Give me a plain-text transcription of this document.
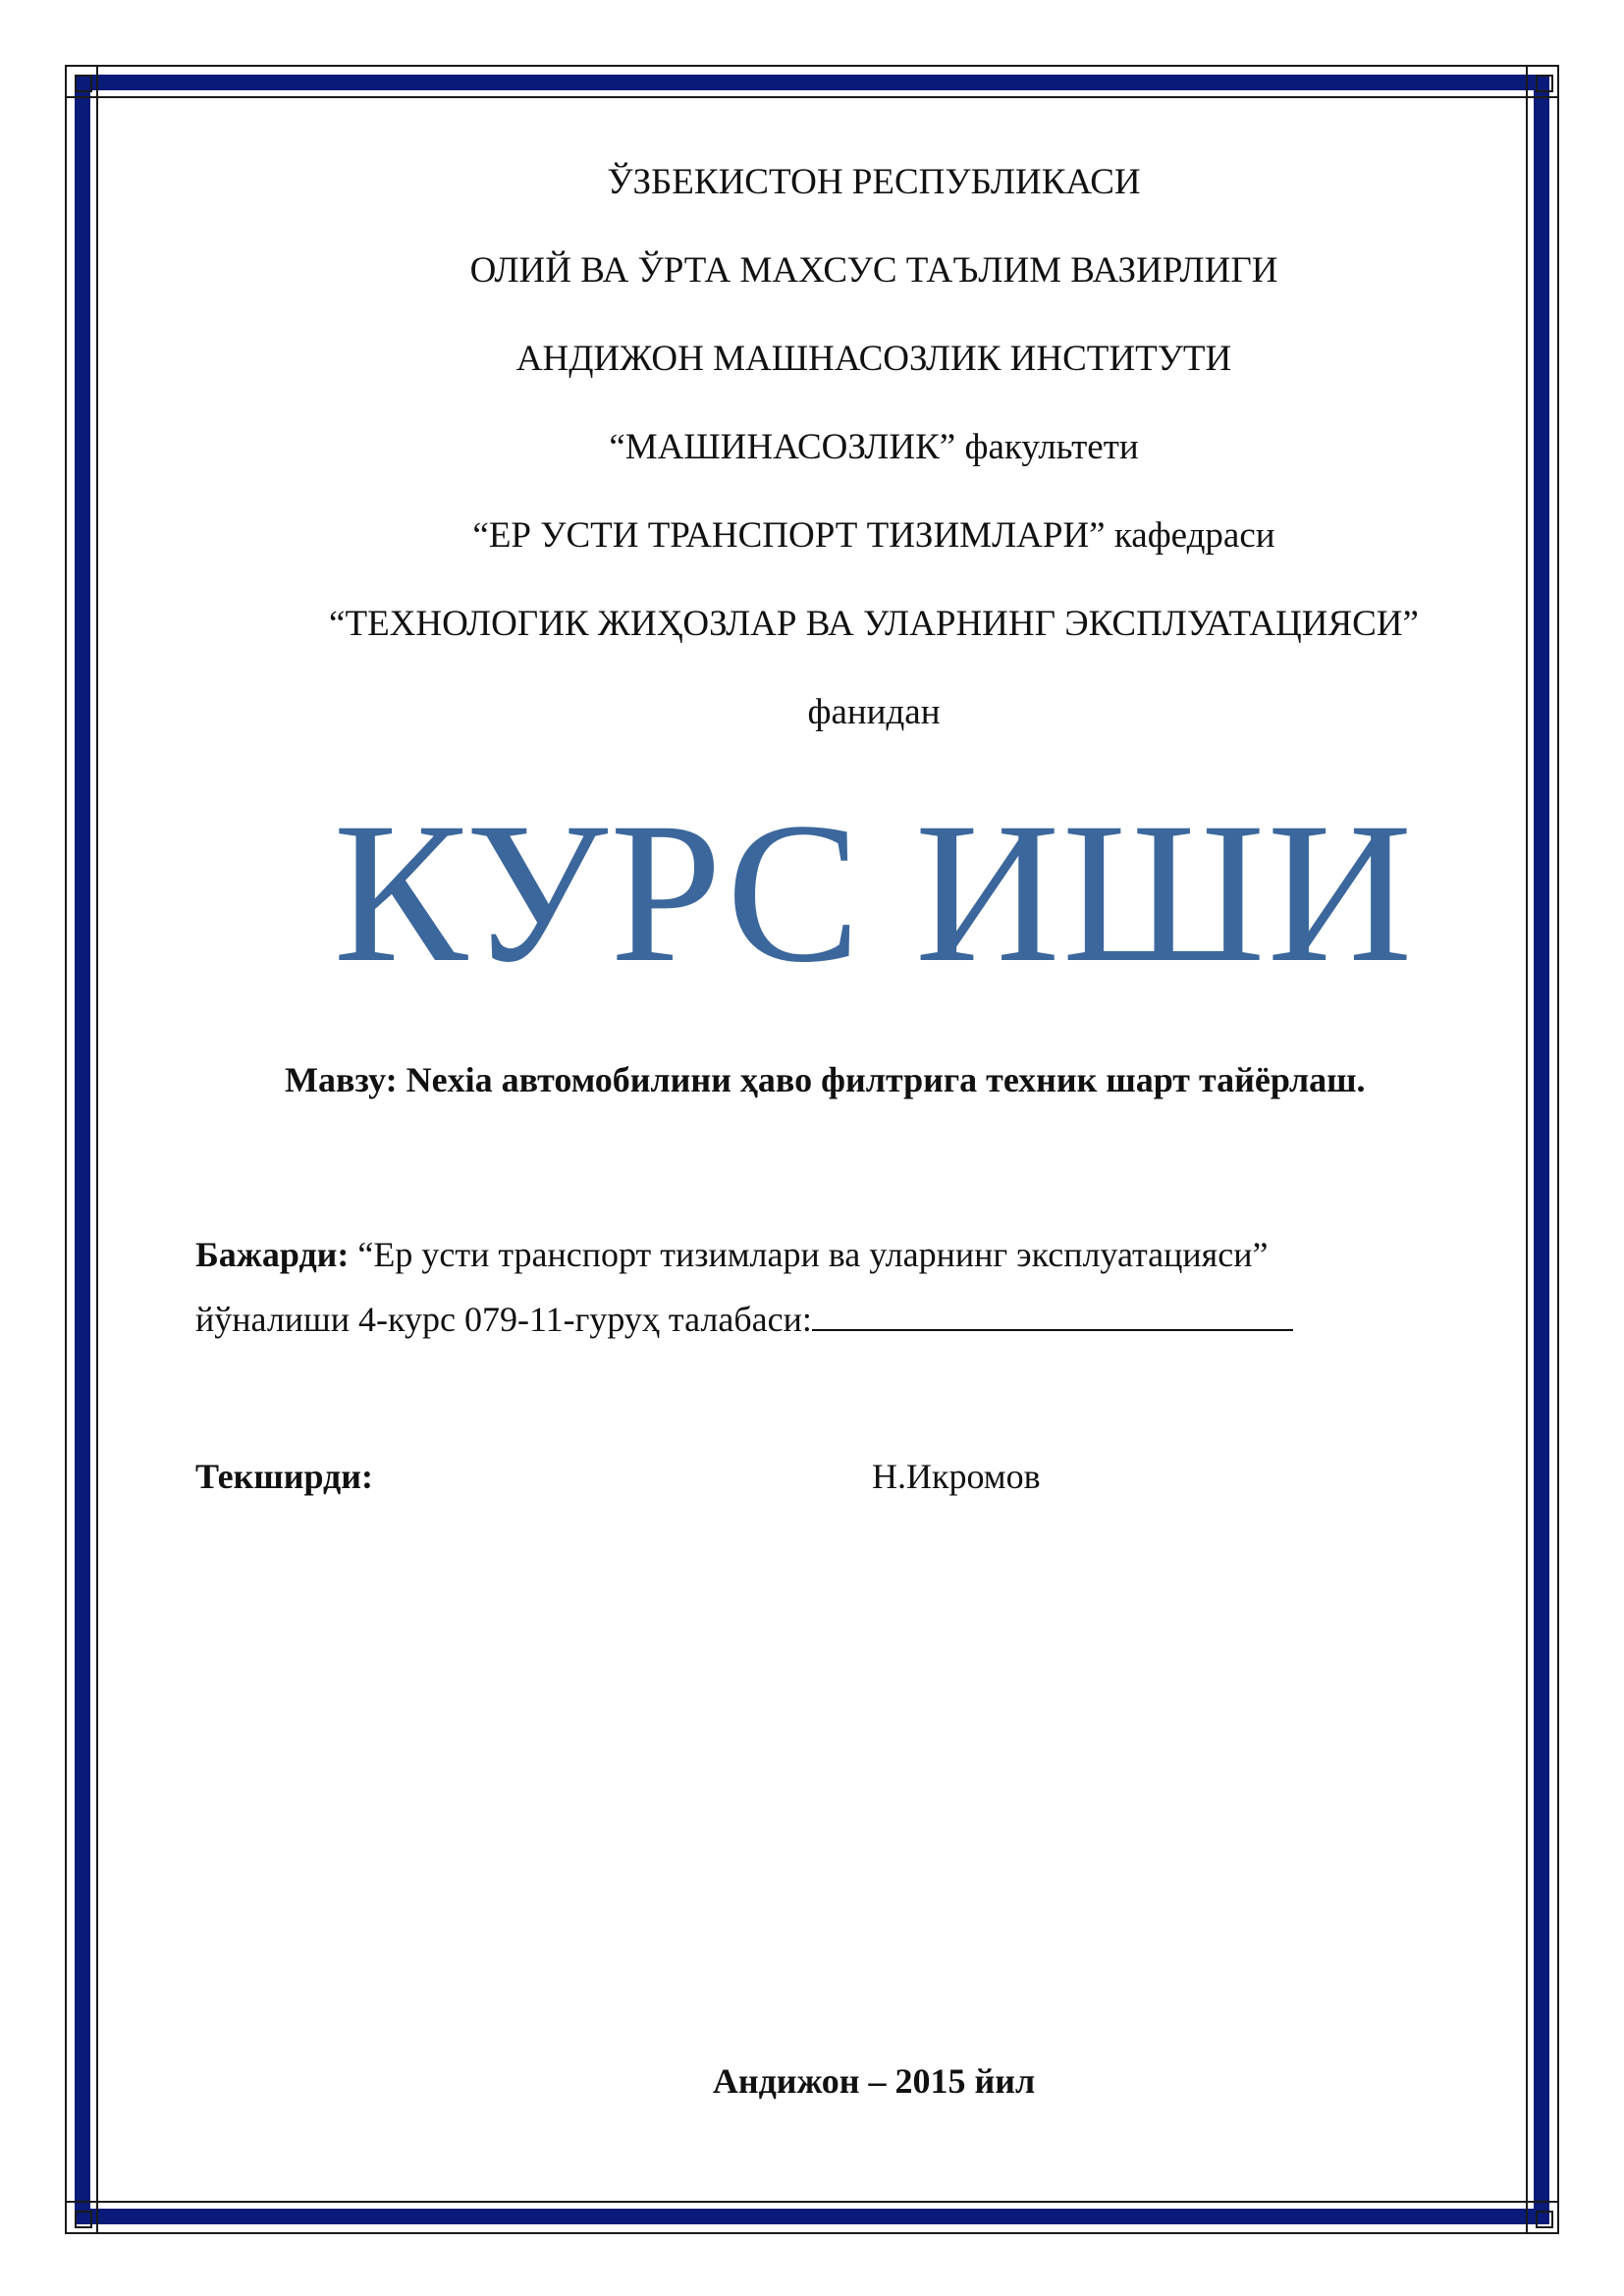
ЎЗБЕКИСТОН РЕСПУБЛИКАСИ
ОЛИЙ ВА ЎРТА МАХСУС ТАЪЛИМ ВАЗИРЛИГИ
АНДИЖОН МАШНАСОЗЛИК ИНСТИТУТИ
“МАШИНАСОЗЛИК” факультети
“ЕР УСТИ ТРАНСПОРТ ТИЗИМЛАРИ” кафедраси
“ТЕХНОЛОГИК ЖИҲОЗЛАР ВА УЛАРНИНГ ЭКСПЛУАТАЦИЯСИ”
фанидан
КУРС ИШИ
Мавзу: Nexia автомобилини ҳаво филтрига техник шарт тайёрлаш.
Бажарди: “Ер усти транспорт тизимлари ва уларнинг эксплуатацияси”
йўналиши 4-курс 079-11-гуруҳ талабаси:
Текширди:	Н.Икромов
Андижон – 2015 йил
